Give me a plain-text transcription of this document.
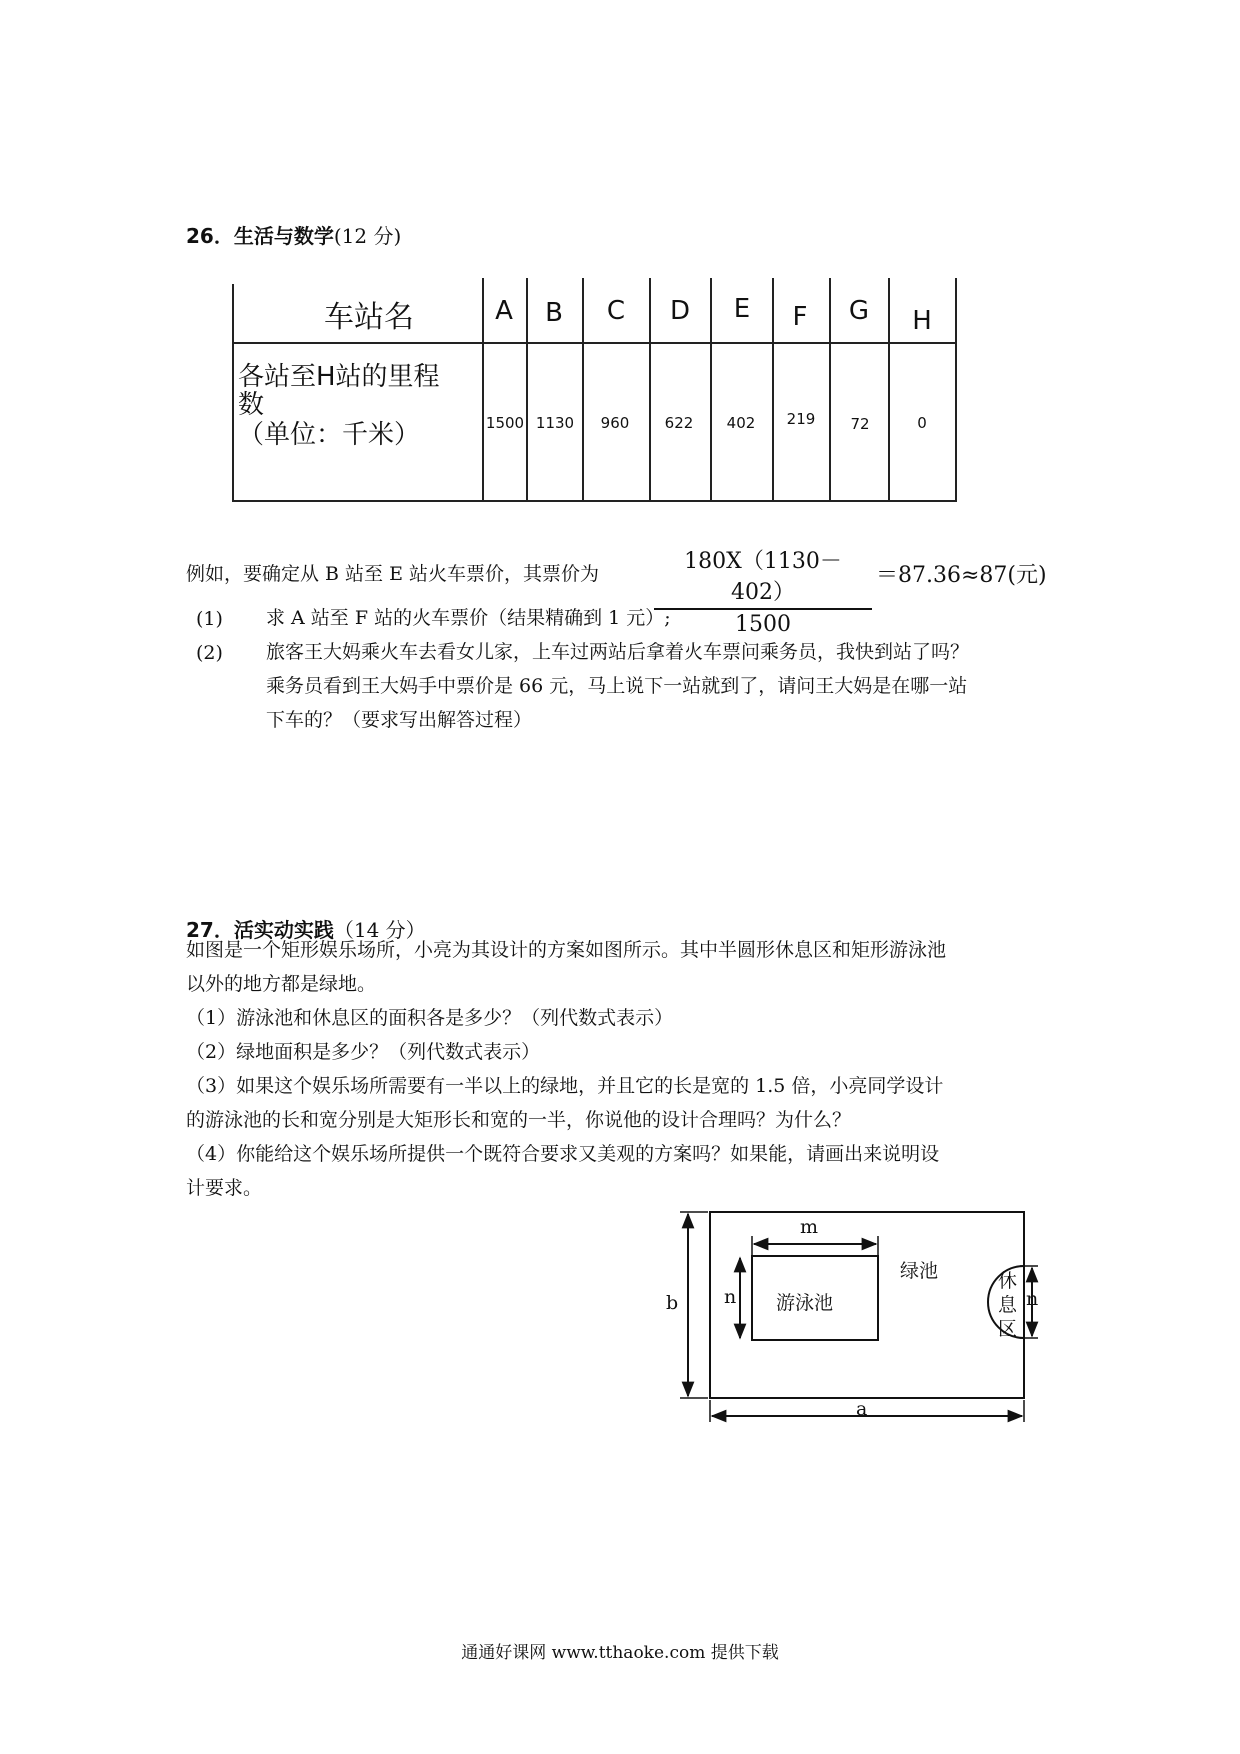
26．生活与数学(12 分)
车站名	A	B	C	D	E	F	G	H
各站至H站的里程
数
（单位：千米）	1500 1130	960	622	402	219	72	0
例如，要确定从 B 站至 E 站火车票价，其票价为	180X（1130－402）
1500
＝87.36≈87(元)
(1) 求 A 站至 F 站的火车票价（结果精确到 1 元）;
(2) 旅客王大妈乘火车去看女儿家，上车过两站后拿着火车票问乘务员，我快到站了吗？
乘务员看到王大妈手中票价是 66 元，马上说下一站就到了，请问王大妈是在哪一站
下车的？（要求写出解答过程）
27．活实动实践（14 分）
如图是一个矩形娱乐场所，小亮为其设计的方案如图所示。其中半圆形休息区和矩形游泳池
以外的地方都是绿地。
（1）游泳池和休息区的面积各是多少？（列代数式表示）
（2）绿地面积是多少？（列代数式表示）
（3）如果这个娱乐场所需要有一半以上的绿地，并且它的长是宽的 1.5 倍，小亮同学设计
的游泳池的长和宽分别是大矩形长和宽的一半，你说他的设计合理吗？为什么？
（4）你能给这个娱乐场所提供一个既符合要求又美观的方案吗？如果能，请画出来说明设
计要求。
m
n 游泳池
绿池	休
息
区
n
b
a
通通好课网 www.tthaoke.com 提供下载
